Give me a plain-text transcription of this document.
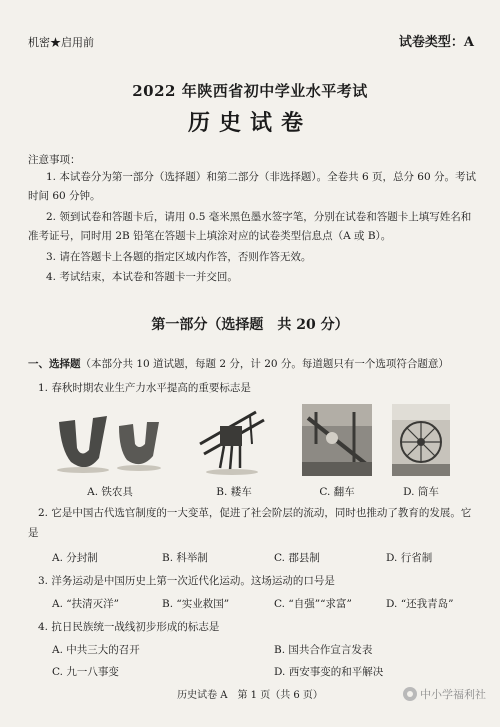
机密★启用前	试卷类型：A
2022 年陕西省初中学业水平考试
历史试卷
注意事项：
1. 本试卷分为第一部分（选择题）和第二部分（非选择题）。全卷共 6 页，总分 60 分。考试时间 60 分钟。
2. 领到试卷和答题卡后，请用 0.5 毫米黑色墨水签字笔，分别在试卷和答题卡上填写姓名和准考证号，同时用 2B 铅笔在答题卡上填涂对应的试卷类型信息点（A 或 B）。
3. 请在答题卡上各题的指定区域内作答，否则作答无效。
4. 考试结束，本试卷和答题卡一并交回。
第一部分（选择题　共 20 分）
一、选择题（本部分共 10 道试题，每题 2 分，计 20 分。每道题只有一个选项符合题意）
1. 春秋时期农业生产力水平提高的重要标志是
A. 铁农具	B. 耧车	C. 翻车	D. 筒车
2. 它是中国古代选官制度的一大变革，促进了社会阶层的流动，同时也推动了教育的发展。它是
A. 分封制	B. 科举制	C. 郡县制	D. 行省制
3. 洋务运动是中国历史上第一次近代化运动。这场运动的口号是
A. “扶清灭洋”	B. “实业救国”	C. “自强”“求富”	D. “还我青岛”
4. 抗日民族统一战线初步形成的标志是
A. 中共三大的召开	B. 国共合作宣言发表
C. 九一八事变	D. 西安事变的和平解决
历史试卷 A　第 1 页（共 6 页）	中小学福利社
